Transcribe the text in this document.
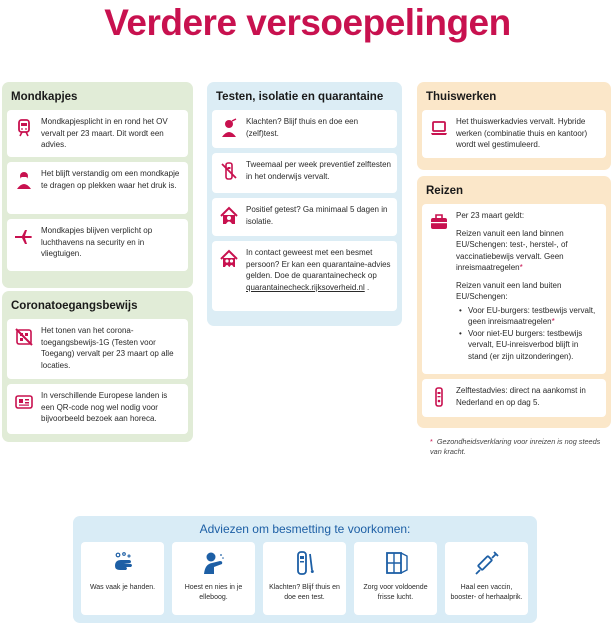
Verdere versoepelingen
Mondkapjes
Mondkapjesplicht in en rond het OV vervalt per 23 maart. Dit wordt een advies.
Het blijft verstandig om een mondkapje te dragen op plekken waar het druk is.
Mondkapjes blijven verplicht op luchthavens na security en in vliegtuigen.
Coronatoegangsbewijs
Het tonen van het corona-toegangsbewijs-1G (Testen voor Toegang) vervalt per 23 maart op alle locaties.
In verschillende Europese landen is een QR-code nog wel nodig voor bijvoorbeeld bezoek aan horeca.
Testen, isolatie en quarantaine
Klachten? Blijf thuis en doe een (zelf)test.
Tweemaal per week preventief zelftesten in het onderwijs vervalt.
Positief getest? Ga minimaal 5 dagen in isolatie.
In contact geweest met een besmet persoon? Er kan een quarantaine-advies gelden. Doe de quarantainecheck op quarantainecheck.rijksoverheid.nl .
Thuiswerken
Het thuiswerkadvies vervalt. Hybride werken (combinatie thuis en kantoor) wordt wel gestimuleerd.
Reizen
Per 23 maart geldt:
Reizen vanuit een land binnen EU/Schengen: test-, herstel-, of vaccinatiebewijs vervalt. Geen inreismaatregelen*
Reizen vanuit een land buiten EU/Schengen:
• Voor EU-burgers: testbewijs vervalt, geen inreismaatregelen*
• Voor niet-EU burgers: testbewijs vervalt, EU-inreisverbod blijft in stand (er zijn uitzonderingen).
Zelftestadvies: direct na aankomst in Nederland en op dag 5.
* Gezondheidsverklaring voor inreizen is nog steeds van kracht.
Adviezen om besmetting te voorkomen:
Was vaak je handen.	Hoest en nies in je elleboog.
Klachten? Blijf thuis en doe een test.
Zorg voor voldoende frisse lucht.
Haal een vaccin, booster- of herhaalprik.
